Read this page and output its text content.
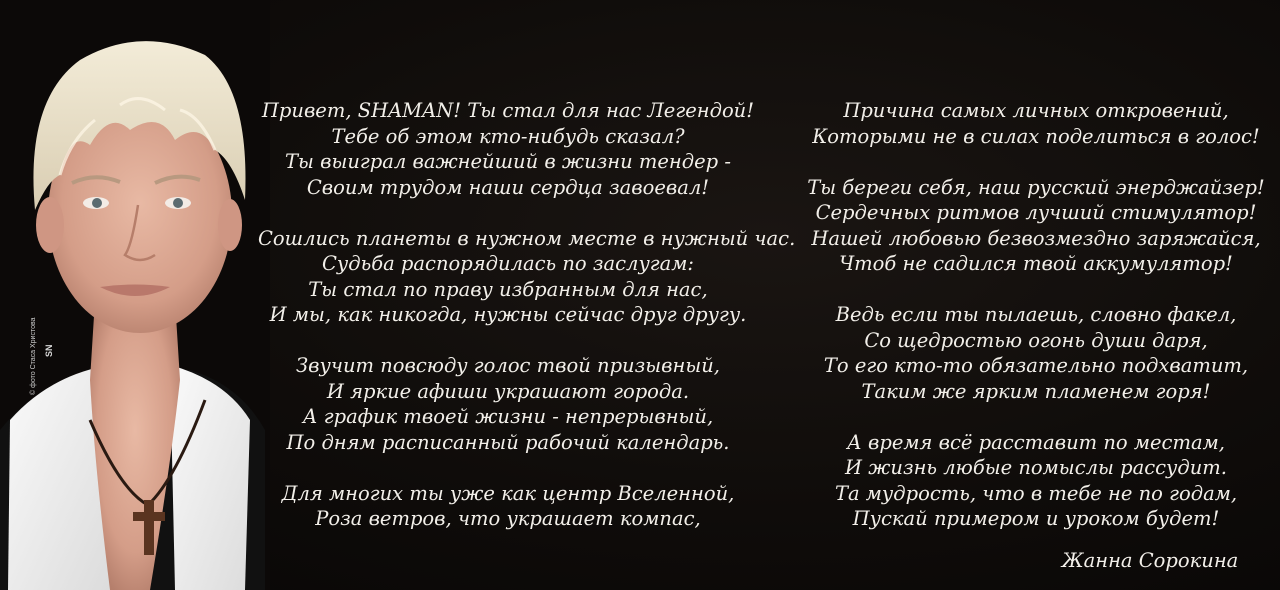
© фото Стаса Христова SN
Привет, SHAMAN! Ты стал для нас Легендой!
Тебе об этом кто-нибудь сказал?
Ты выиграл важнейший в жизни тендер -
Своим трудом наши сердца завоевал!
Сошлись планеты в нужном месте в нужный час.
Судьба распорядилась по заслугам:
Ты стал по праву избранным для нас,
И мы, как никогда, нужны сейчас друг другу.
Звучит повсюду голос твой призывный,
И яркие афиши украшают города.
А график твоей жизни - непрерывный,
По дням расписанный рабочий календарь.
Для многих ты уже как центр Вселенной,
Роза ветров, что украшает компас,
Причина самых личных откровений,
Которыми не в силах поделиться в голос!
Ты береги себя, наш русский энерджайзер!
Сердечных ритмов лучший стимулятор!
Нашей любовью безвозмездно заряжайся,
Чтоб не садился твой аккумулятор!
Ведь если ты пылаешь, словно факел,
Со щедростью огонь души даря,
То его кто-то обязательно подхватит,
Таким же ярким пламенем горя!
А время всё расставит по местам,
И жизнь любые помыслы рассудит.
Та мудрость, что в тебе не по годам,
Пускай примером и уроком будет!
Жанна Сорокина
